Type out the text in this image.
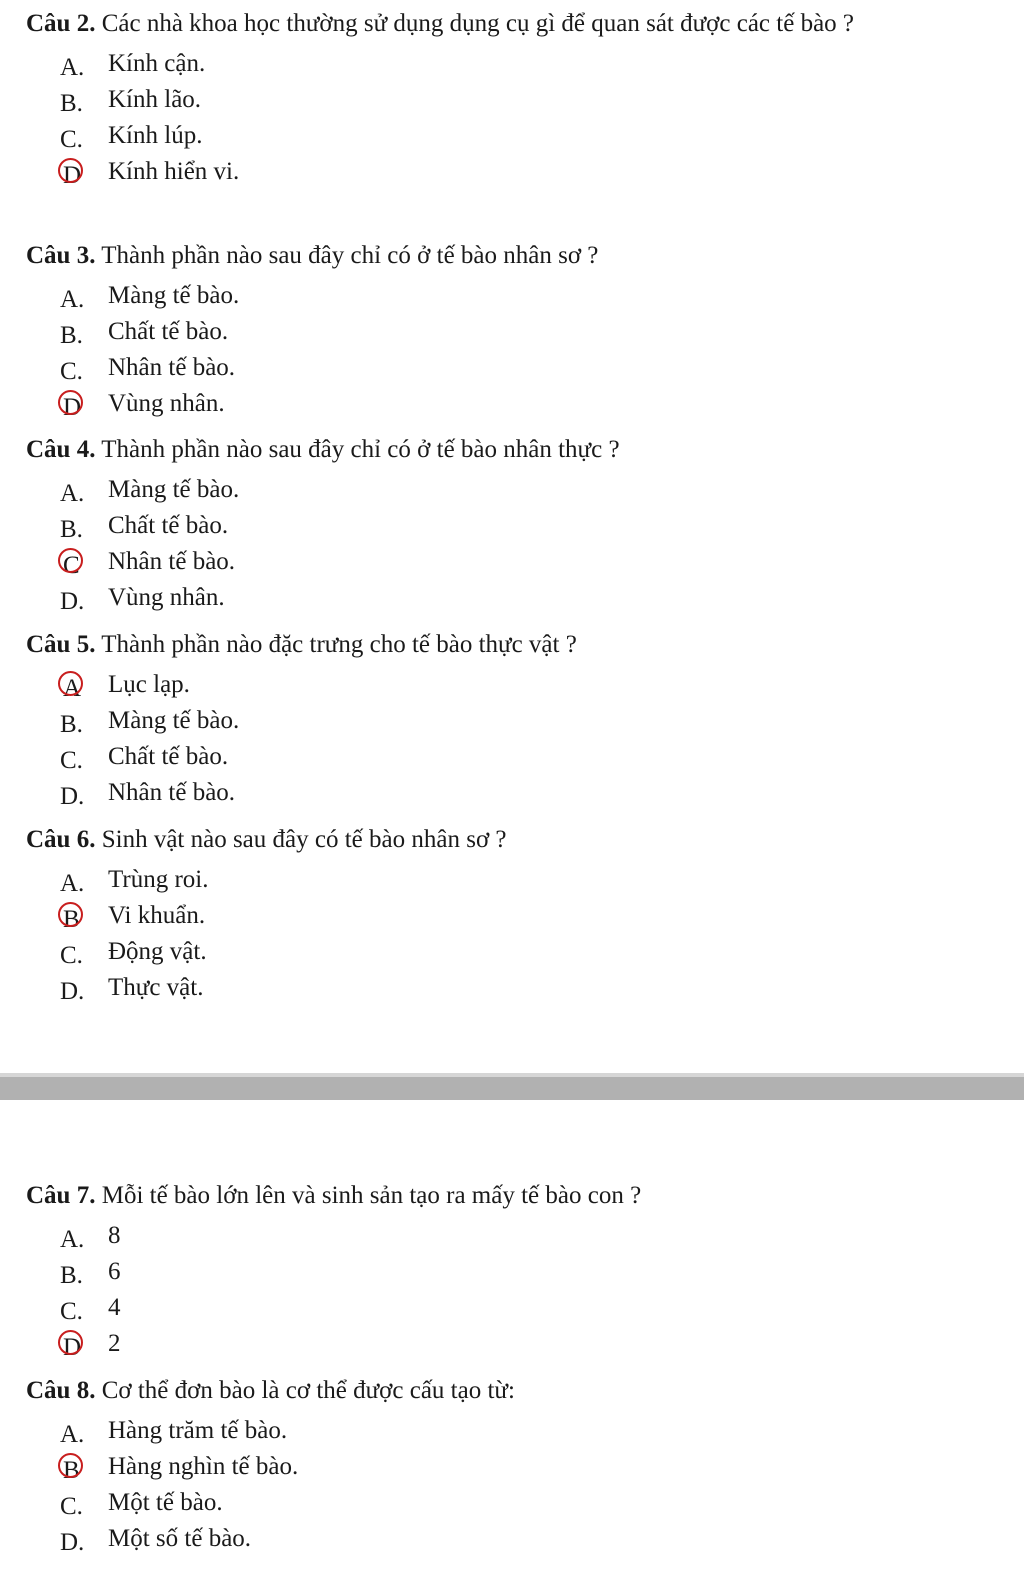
Câu 2. Các nhà khoa học thường sử dụng dụng cụ gì để quan sát được các tế bào ?

A. Kính cận.
B.	Kính lão.
C.	Kính lúp.
D	Kính hiển vi.

Câu 3. Thành phần nào sau đây chỉ có ở tế bào nhân sơ ?

A. Màng tế bào.
B.	Chất tế bào.
C.	Nhân tế bào.
D	Vùng nhân.

Câu 4. Thành phần nào sau đây chỉ có ở tế bào nhân thực ?

A. Màng tế bào.
B.	Chất tế bào.
C	Nhân tế bào.
D. Vùng nhân.

Câu 5. Thành phần nào đặc trưng cho tế bào thực vật ?

A	Lục lạp.
B.	Màng tế bào.
C.	Chất tế bào.
D. Nhân tế bào.

Câu 6. Sinh vật nào sau đây có tế bào nhân sơ ?

A. Trùng roi.
B	Vi khuẩn.
C.	Động vật.
D. Thực vật.

Câu 7. Mỗi tế bào lớn lên và sinh sản tạo ra mấy tế bào con ?

A. 8
B.	6
C.	4
D	2

Câu 8. Cơ thể đơn bào là cơ thể được cấu tạo từ:

A. Hàng trăm tế bào.
B	Hàng nghìn tế bào.
C.	Một tế bào.
D. Một số tế bào.
